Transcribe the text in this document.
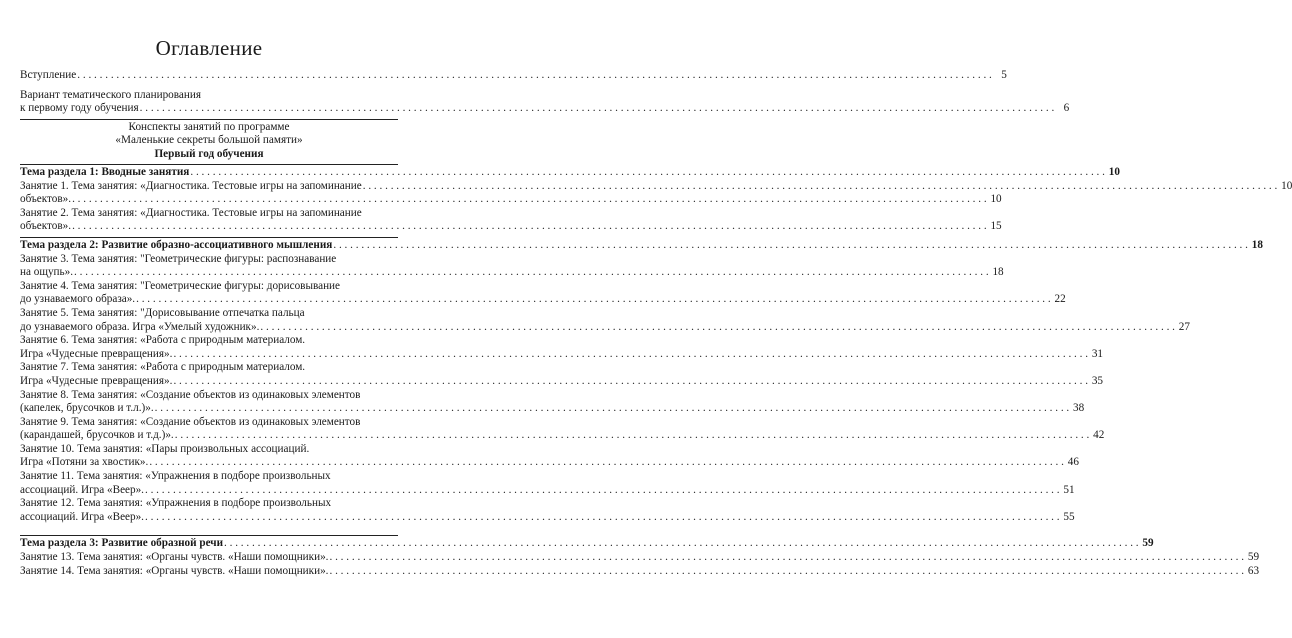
Оглавление
Вступление . . .	5
Вариант тематического планирования
к первому году обучения . . .	6
Конспекты занятий по программе
«Маленькие секреты большой памяти»
Первый год обучения
Тема раздела 1: Вводные занятия . . .	10
Занятие 1. Тема занятия: «Диагностика. Тестовые игры на запоминание . . .	10
объектов». . . .	10
Занятие 2. Тема занятия: «Диагностика. Тестовые игры на запоминание
объектов». . . .	15
Тема раздела 2: Развитие образно-ассоциативного мышления . . .	18
Занятие 3. Тема занятия: "Геометрические фигуры: распознавание
на ощупь». . . .	18
Занятие 4. Тема занятия: "Геометрические фигуры: дорисовывание
до узнаваемого образа». . . .	22
Занятие 5. Тема занятия: "Дорисовывание отпечатка пальца
до узнаваемого образа. Игра «Умелый художник». . . .	27
Занятие 6. Тема занятия: «Работа с природным материалом.
Игра «Чудесные превращения». . . .	31
Занятие 7. Тема занятия: «Работа с природным материалом.
Игра «Чудесные превращения». . . .	35
Занятие 8. Тема занятия: «Создание объектов из одинаковых элементов
(капелек, брусочков и т.л.)». . . .	38
Занятие 9. Тема занятия: «Создание объектов из одинаковых элементов
(карандашей, брусочков и т.д.)». . . .	42
Занятие 10. Тема занятия: «Пары произвольных ассоциаций.
Игра «Потяни за хвостик». . . .	46
Занятие 11. Тема занятия: «Упражнения в подборе произвольных
ассоциаций. Игра «Веер». . . .	51
Занятие 12. Тема занятия: «Упражнения в подборе произвольных
ассоциаций. Игра «Веер». . . .	55
Тема раздела 3: Развитие образной речи . . .	59
Занятие 13. Тема занятия: «Органы чувств. «Наши помощники». . . .	59
Занятие 14. Тема занятия: «Органы чувств. «Наши помощники». . . .	63
